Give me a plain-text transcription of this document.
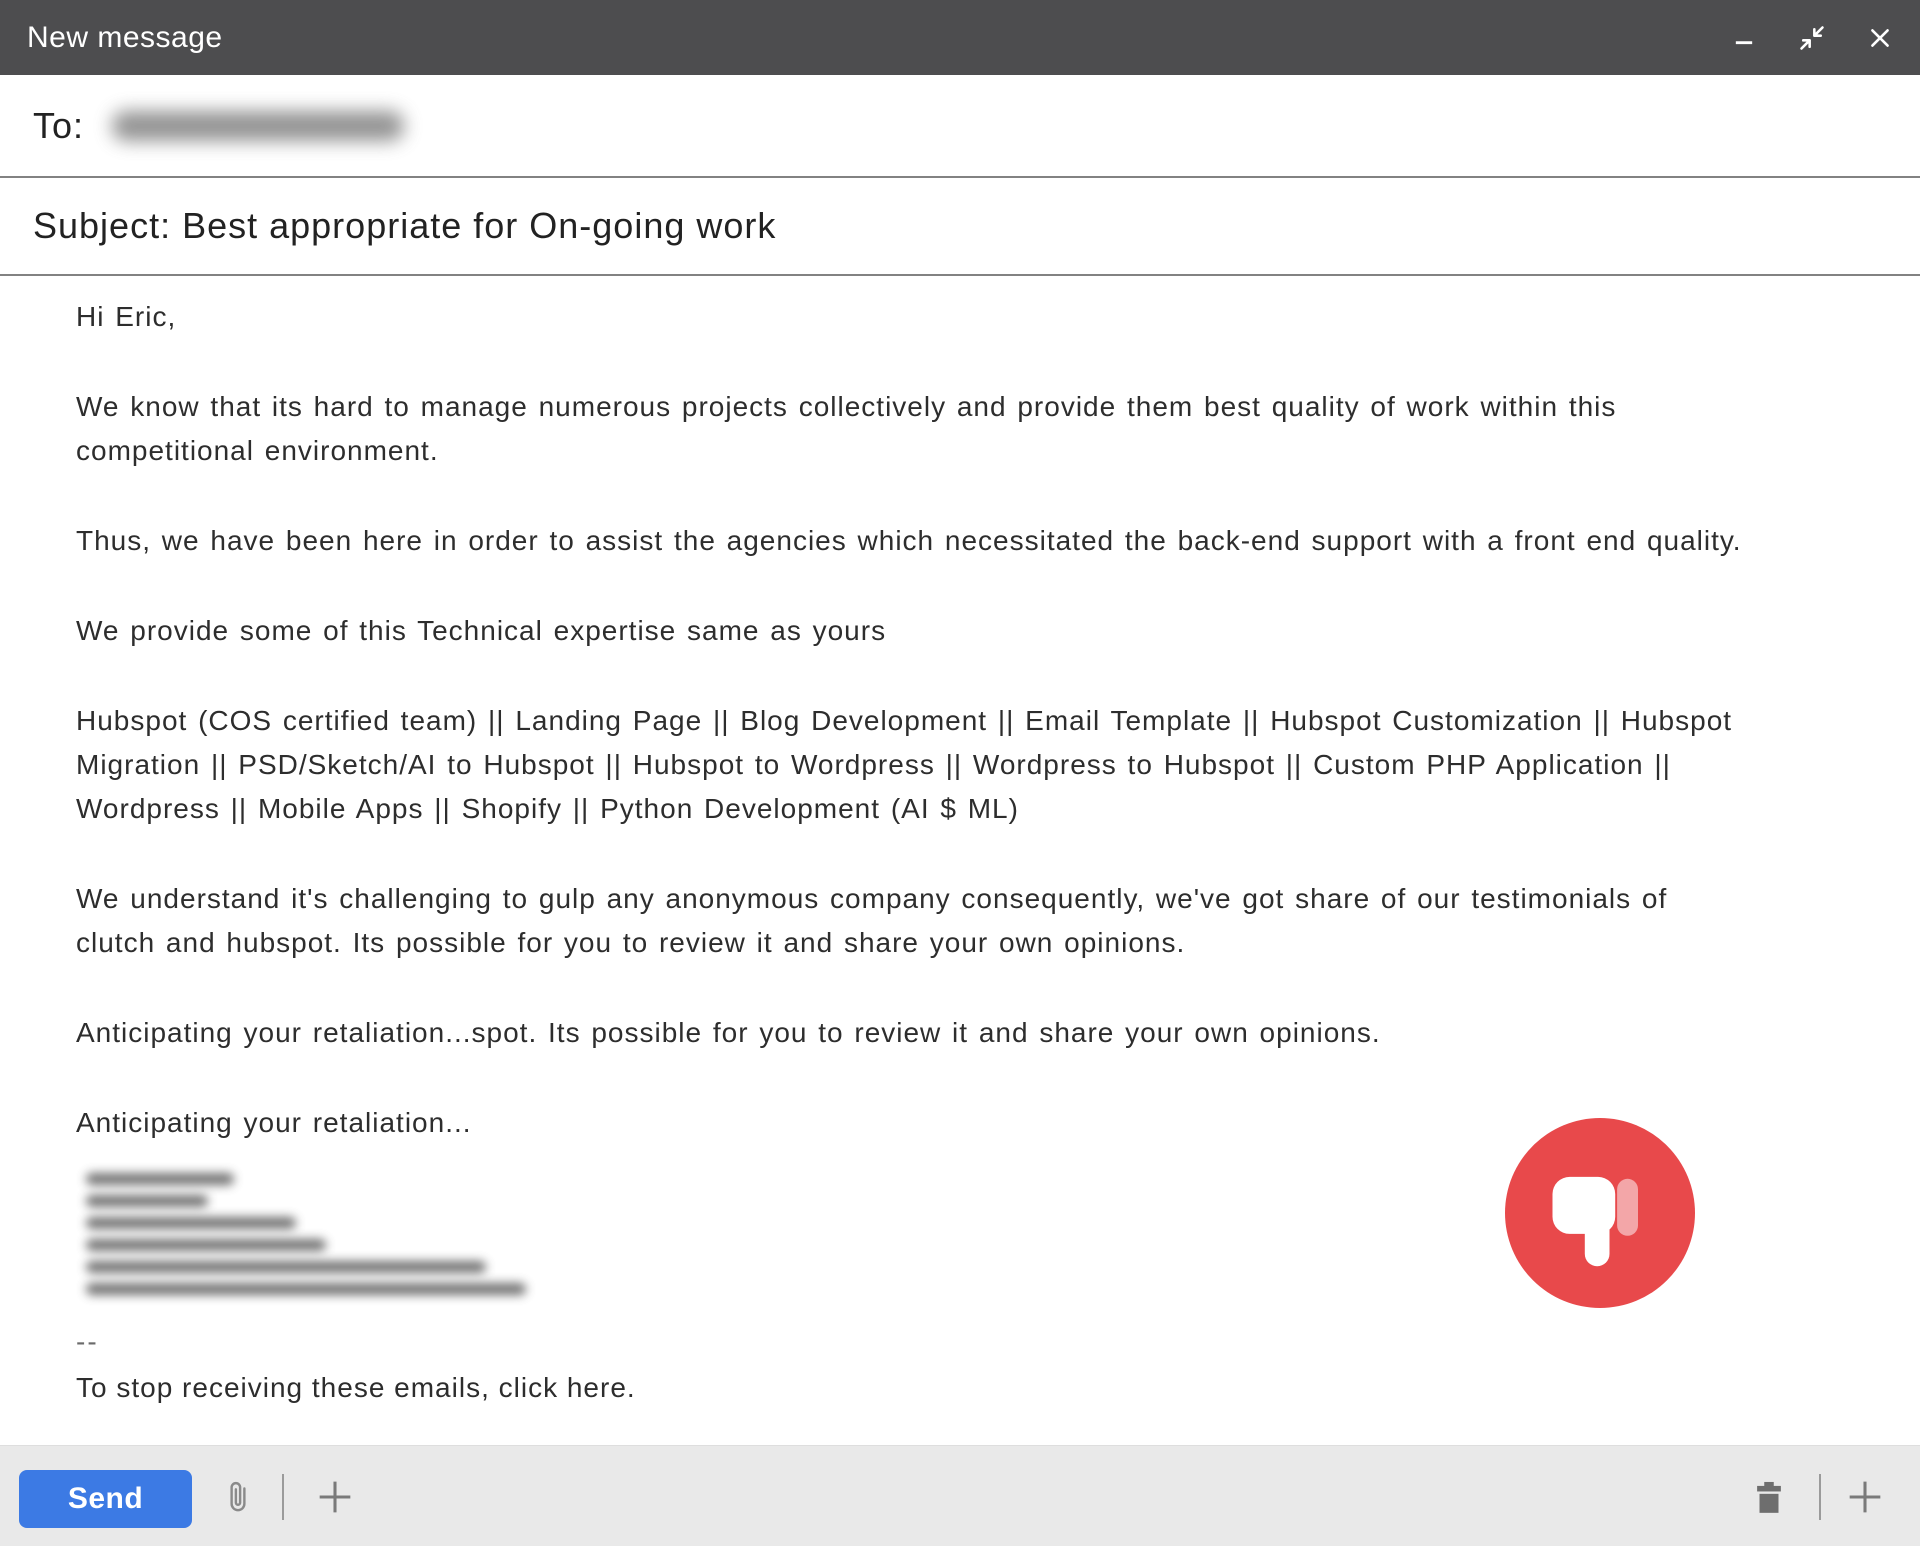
New message
To:
Subject: Best appropriate for On-going work
Hi Eric,
We know that its hard to manage numerous projects collectively and provide them best quality of work within this
competitional environment.
Thus, we have been here in order to assist the agencies which necessitated the back-end support with a front end quality.
We provide some of this Technical expertise same as yours
Hubspot (COS certified team) || Landing Page || Blog Development || Email Template || Hubspot Customization || Hubspot
Migration || PSD/Sketch/AI to Hubspot || Hubspot to Wordpress || Wordpress to Hubspot || Custom PHP Application ||
Wordpress || Mobile Apps || Shopify || Python Development (AI $ ML)
We understand it's challenging to gulp any anonymous company consequently, we've got share of our testimonials of
clutch and hubspot. Its possible for you to review it and share your own opinions.
Anticipating your retaliation...spot. Its possible for you to review it and share your own opinions.
Anticipating your retaliation...
--
To stop receiving these emails, click here.
Send
